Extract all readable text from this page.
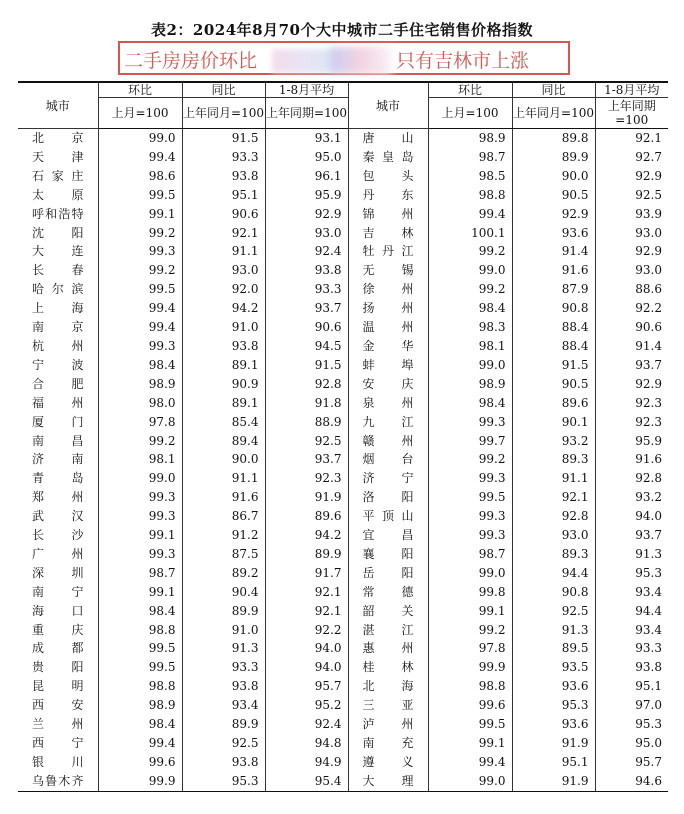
表2：2024年8月70个大中城市二手住宅销售价格指数
二手房房价环比	只有吉林市上涨
城市	环比	同比	1-8月平均	城市	环比	同比	1-8月平均
	上月=100	上年同月=100	上年同期=100		上月=100	上年同月=100	上年同期=100
北京	99.0	91.5	93.1	唐山	98.9	89.8	92.1
天津	99.4	93.3	95.0	秦皇岛	98.7	89.9	92.7
石家庄	98.6	93.8	96.1	包头	98.5	90.0	92.9
太原	99.5	95.1	95.9	丹东	98.8	90.5	92.5
呼和浩特	99.1	90.6	92.9	锦州	99.4	92.9	93.9
沈阳	99.2	92.1	93.0	吉林	100.1	93.6	93.0
大连	99.3	91.1	92.4	牡丹江	99.2	91.4	92.9
长春	99.2	93.0	93.8	无锡	99.0	91.6	93.0
哈尔滨	99.5	92.0	93.3	徐州	99.2	87.9	88.6
上海	99.4	94.2	93.7	扬州	98.4	90.8	92.2
南京	99.4	91.0	90.6	温州	98.3	88.4	90.6
杭州	99.3	93.8	94.5	金华	98.1	88.4	91.4
宁波	98.4	89.1	91.5	蚌埠	99.0	91.5	93.7
合肥	98.9	90.9	92.8	安庆	98.9	90.5	92.9
福州	98.0	89.1	91.8	泉州	98.4	89.6	92.3
厦门	97.8	85.4	88.9	九江	99.3	90.1	92.3
南昌	99.2	89.4	92.5	赣州	99.7	93.2	95.9
济南	98.1	90.0	93.7	烟台	99.2	89.3	91.6
青岛	99.0	91.1	92.3	济宁	99.3	91.1	92.8
郑州	99.3	91.6	91.9	洛阳	99.5	92.1	93.2
武汉	99.3	86.7	89.6	平顶山	99.3	92.8	94.0
长沙	99.1	91.2	94.2	宜昌	99.3	93.0	93.7
广州	99.3	87.5	89.9	襄阳	98.7	89.3	91.3
深圳	98.7	89.2	91.7	岳阳	99.0	94.4	95.3
南宁	99.1	90.4	92.1	常德	99.8	90.8	93.4
海口	98.4	89.9	92.1	韶关	99.1	92.5	94.4
重庆	98.8	91.0	92.2	湛江	99.2	91.3	93.4
成都	99.5	91.3	94.0	惠州	97.8	89.5	93.3
贵阳	99.5	93.3	94.0	桂林	99.9	93.5	93.8
昆明	98.8	93.8	95.7	北海	98.8	93.6	95.1
西安	98.9	93.4	95.2	三亚	99.6	95.3	97.0
兰州	98.4	89.9	92.4	泸州	99.5	93.6	95.3
西宁	99.4	92.5	94.8	南充	99.1	91.9	95.0
银川	99.6	93.8	94.9	遵义	99.4	95.1	95.7
乌鲁木齐	99.9	95.3	95.4	大理	99.0	91.9	94.6
